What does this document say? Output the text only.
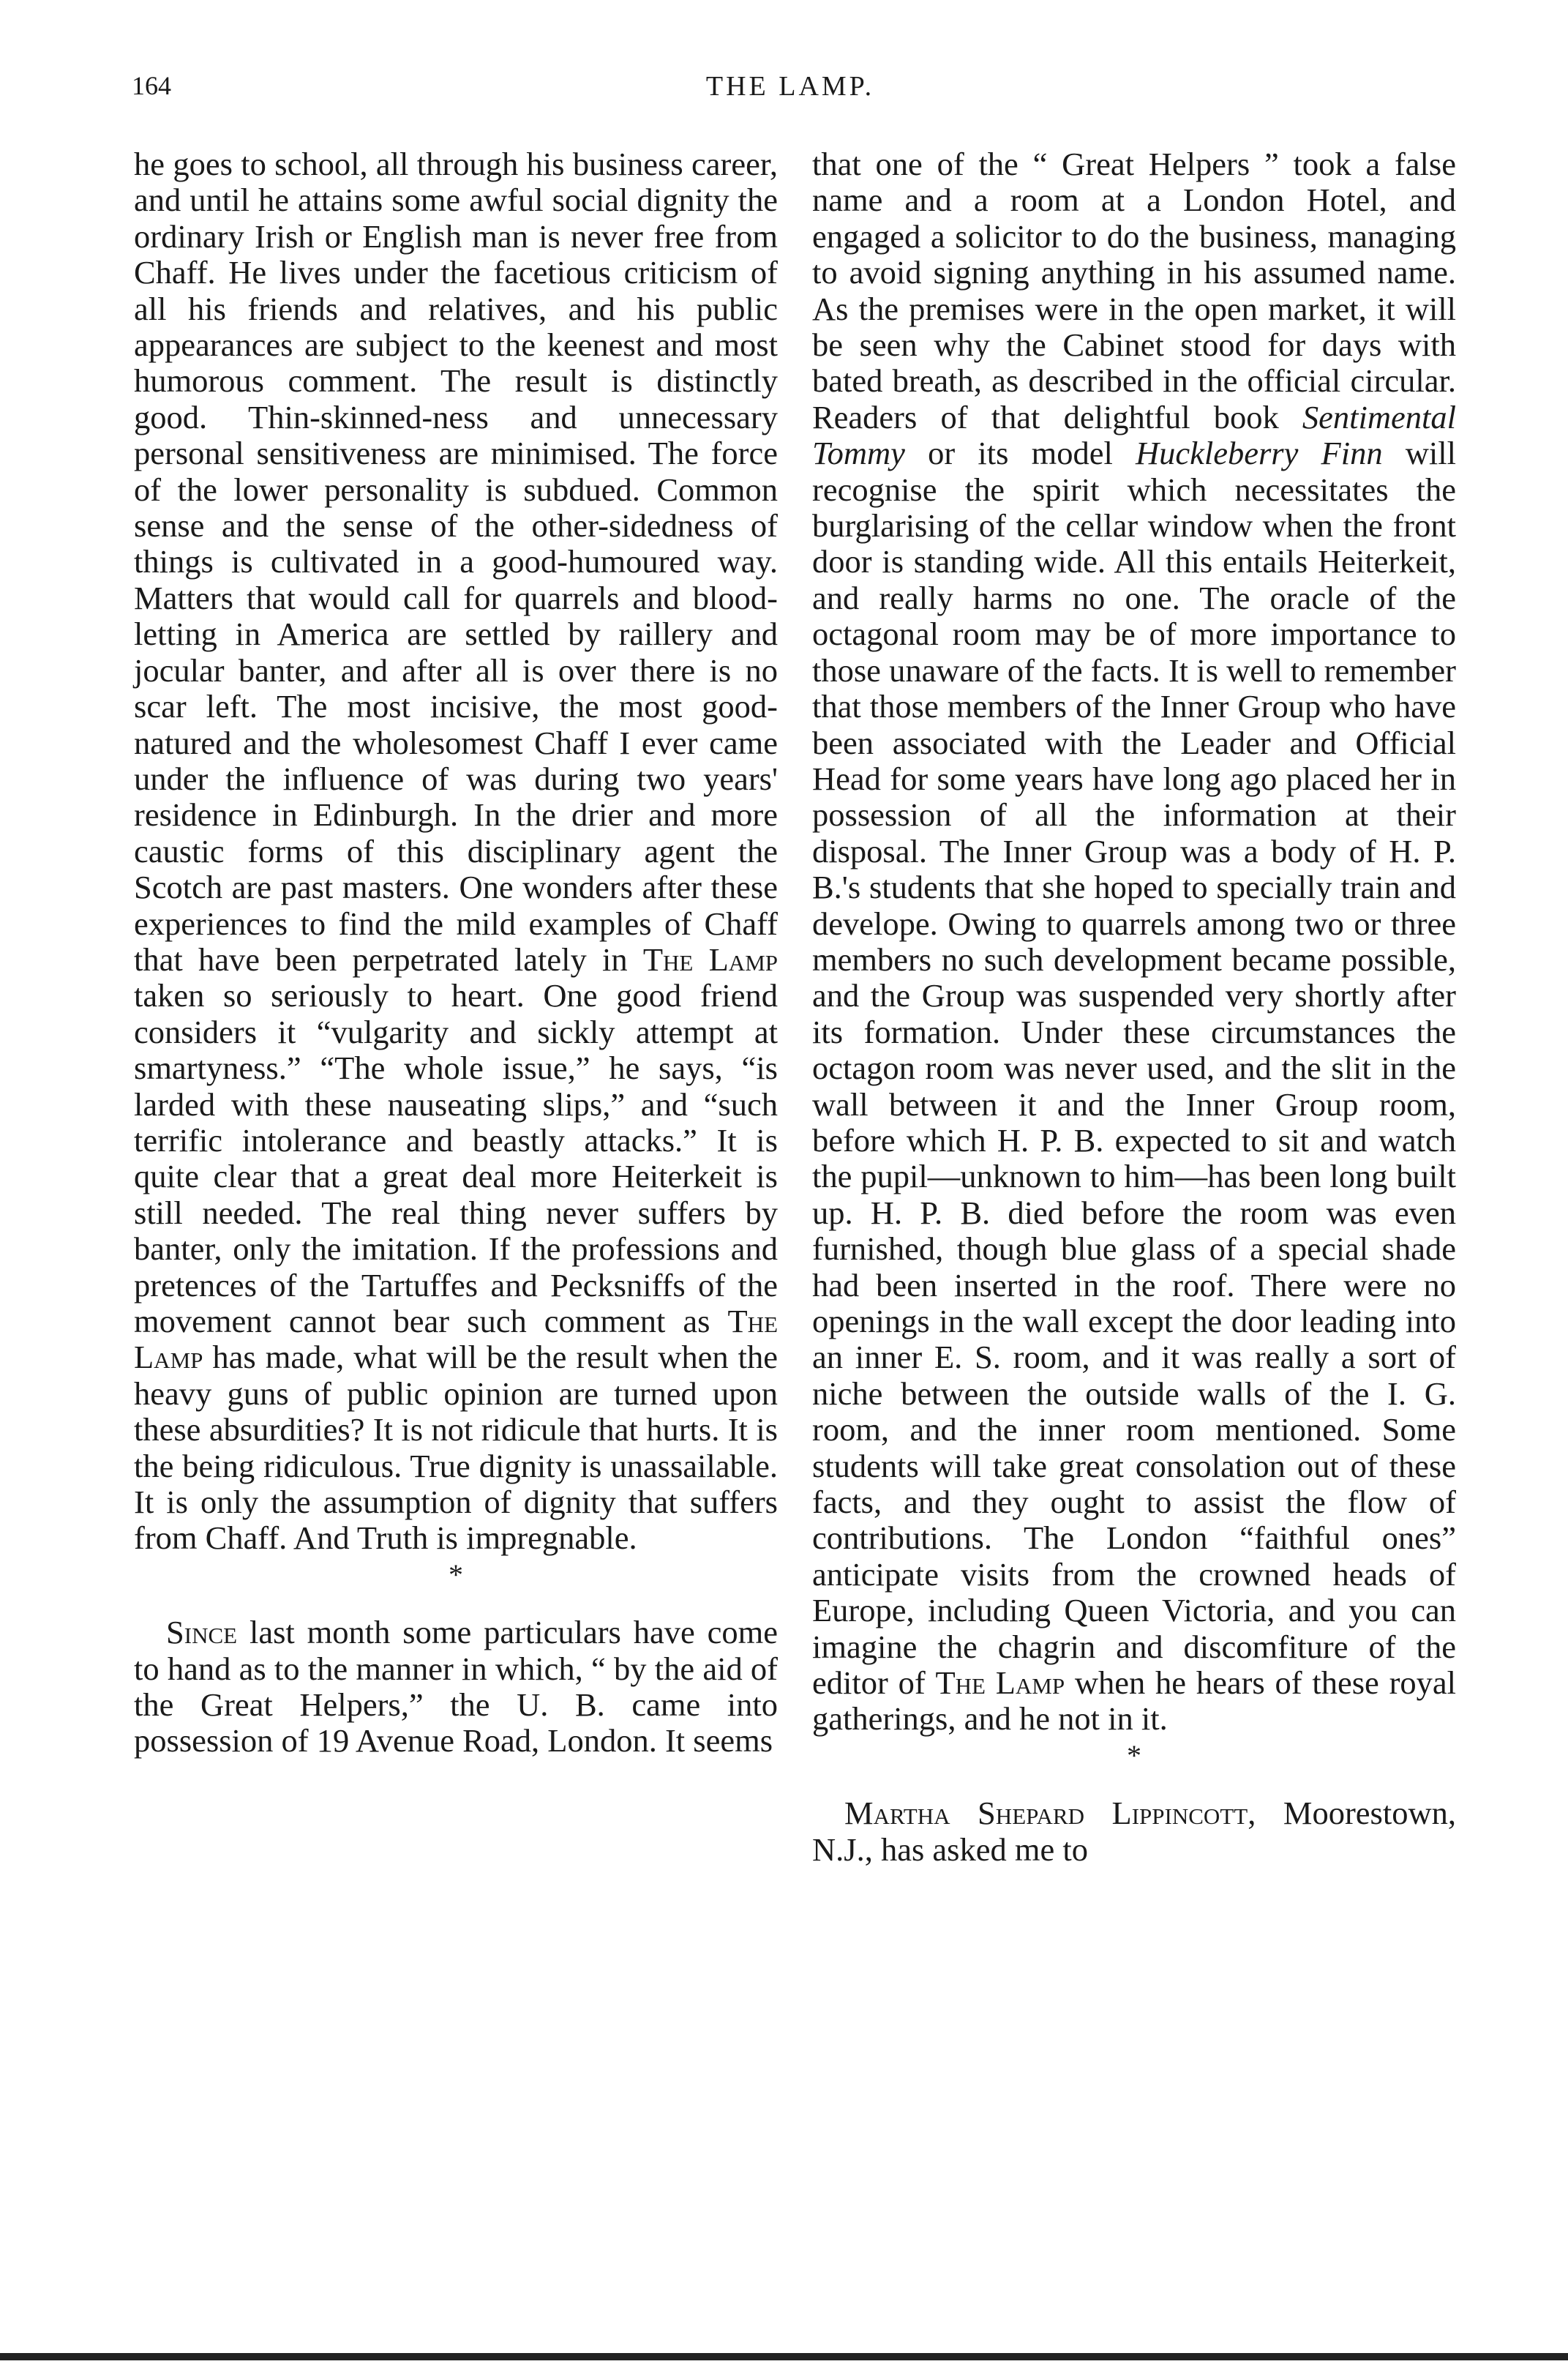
164	THE LAMP.

he goes to school, all through his business career, and until he attains some awful social dignity the ordinary Irish or English man is never free from Chaff. He lives under the facetious criticism of all his friends and relatives, and his public appearances are subject to the keenest and most humorous comment. The result is distinctly good. Thin-skinned-ness and unnecessary personal sensitiveness are minimised. The force of the lower personality is subdued. Common sense and the sense of the other-sidedness of things is cultivated in a good-humoured way. Matters that would call for quarrels and blood-letting in America are settled by raillery and jocular banter, and after all is over there is no scar left. The most incisive, the most good-natured and the wholesomest Chaff I ever came under the influence of was during two years' residence in Edinburgh. In the drier and more caustic forms of this disciplinary agent the Scotch are past masters. One wonders after these experiences to find the mild examples of Chaff that have been perpetrated lately in The Lamp taken so seriously to heart. One good friend considers it “vulgarity and sickly attempt at smartyness.” “The whole issue,” he says, “is larded with these nauseating slips,” and “such terrific intolerance and beastly attacks.” It is quite clear that a great deal more Heiterkeit is still needed. The real thing never suffers by banter, only the imitation. If the professions and pretences of the Tartuffes and Pecksniffs of the movement cannot bear such comment as The Lamp has made, what will be the result when the heavy guns of public opinion are turned upon these absurdities? It is not ridicule that hurts. It is the being ridiculous. True dignity is unassailable. It is only the assumption of dignity that suffers from Chaff. And Truth is impregnable.

*

Since last month some particulars have come to hand as to the manner in which, “ by the aid of the Great Helpers,” the U. B. came into possession of 19 Avenue Road, London. It seems

that one of the “ Great Helpers ” took a false name and a room at a London Hotel, and engaged a solicitor to do the business, managing to avoid signing anything in his assumed name. As the premises were in the open market, it will be seen why the Cabinet stood for days with bated breath, as described in the official circular. Readers of that delightful book Sentimental Tommy or its model Huckleberry Finn will recognise the spirit which necessitates the burglarising of the cellar window when the front door is standing wide. All this entails Heiterkeit, and really harms no one. The oracle of the octagonal room may be of more importance to those unaware of the facts. It is well to remember that those members of the Inner Group who have been associated with the Leader and Official Head for some years have long ago placed her in possession of all the information at their disposal. The Inner Group was a body of H. P. B.'s students that she hoped to specially train and develope. Owing to quarrels among two or three members no such development became possible, and the Group was suspended very shortly after its formation. Under these circumstances the octagon room was never used, and the slit in the wall between it and the Inner Group room, before which H. P. B. expected to sit and watch the pupil—unknown to him—has been long built up. H. P. B. died before the room was even furnished, though blue glass of a special shade had been inserted in the roof. There were no openings in the wall except the door leading into an inner E. S. room, and it was really a sort of niche between the outside walls of the I. G. room, and the inner room mentioned. Some students will take great consolation out of these facts, and they ought to assist the flow of contributions. The London “faithful ones” anticipate visits from the crowned heads of Europe, including Queen Victoria, and you can imagine the chagrin and discomfiture of the editor of The Lamp when he hears of these royal gatherings, and he not in it.

*

Martha Shepard Lippincott, Moorestown, N.J., has asked me to
